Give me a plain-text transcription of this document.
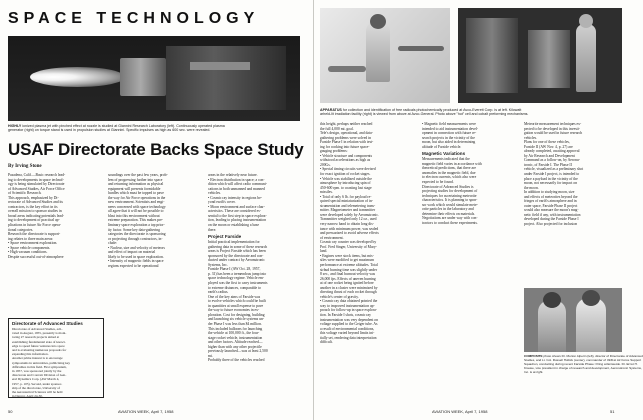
SPACE TECHNOLOGY
HIGHLY ionized plasma jet with pinched effect at nozzle is studied at Giannini Research Laboratory (left). Continuously operated plasma
generator (right) on torque stand is used in propulsion studies at Giannini. Specific impulses as high as 600 sec. were revealed.
USAF Directorate Backs Space Study
By Irving Stone

Pasadena, Calif.—Basic research lead-

ing to developments in space technol-

ogy is being stimulated by Directorate

of Advanced Studies, Air Force Office

of Scientific Research.

This approach, emphasized by Di-

rectorate of Advanced Studies and its

contractors, is the key effort in its

overall mission to sponsor studies in

broad areas indicating potentials lead-

ing to development of practical ap-

plications in future Air Force opera-

tional categories.

Research the directorate is support-

ing relates to three main areas:

• Space environment exploration.

• Space vehicle components.

• High vacuum conditions.

Despite successful out-of-atmosphere

soundings over the past few years, prob-

lem of progressing further into space

and returning information as physical

equipment will presents formidable

hurdles which must be topped to pave

the way for Air Force operations in the

new environment. Scientists and engi-

neers concerned with space technology

all agree that it will not be possible to

blast into this environment without

extreme preparation. This makes pre-

liminary space exploration a top prior-

ity factor. Some key data-gathering

categories the directorate is sponsoring

or projecting through contractors, in-

clude:

• Nuclear, size and velocity of meteors

and effect of impact on material

likely to be used in space exploration.

• Intensity of magnetic fields in space

regions expected to be operational

areas in the relatively near future.

• Electron distribution in space; a con-

dition which will affect radio communi-

cations in both unmanned and manned

vehicles.

• Cosmic ray intensity in regions be-

yond earth's cover.

• Moon environment and surface char-

acteristics. These are considered es-

sential to the first step in space explora-

tion, leading to placing instrumentation

on the moon or establishing a base

there.

Project Farside

Initial practical implementation for

gathering data in some of these research

areas is Project Farside which has been

sponsored by the directorate and con-

ducted under contract by Aeronutronic

Systems, Inc.

Farside Phase I (AW Oct. 28, 1957,

p. 31) has been a tremendous jump into

space technology regime. Vehicle em-

ployed was the first to carry instruments

to extreme distances, comparable to

earth's radius.

One of the key aims of Farside was

to evolve vehicles which could be built

in quantities at small expense to pave

the way to future economies in ex-

ploration. Cost for designing, building

and launching six vehicle systems un-

der Phase I was less than $4 million.

This included balloons for launching

the vehicle at 100,000 ft., the four-

stage rocket vehicle, instrumentation

and other factors. Altitude reached—

higher than with any other projectile

previously launched—was at least 2,500

mi.

Probably three of the vehicles reached

Directorate of Advanced Studies

Directorate of Advanced Studies, acti-

vated in August, 1955, presently is moni-

toring 27 research projects aimed at

establishing fundamental state of knowl-

edge to speed future ventures into space

and is evaluating numerous proposals for

expanding this information.

Another prime interest is to encourage

symposiums in universities, publicizing key

difficulties in this field. First symposium,

in 1957, was sponsored jointly by the

directorate and Convair Division of Gen-

eral Dynamics Corp. (AW March 4,

1957, p. 105). Second, under sponsor-

ship of the directorate, University of

the Aeronautical Sciences will be held

in Denver, April 24-30.

50	AVIATION WEEK, April 7, 1958
APPARATUS for collection and identification of free radicals photochemically produced at Avco-Everett Corp. is at left. Kilowatt
arheld-lit irradiation facility (right) is viewed from above at Avco-General. Photo above "hot" cell and cobalt preforming mechanisms.

this height, perhaps neither reached

the full 4,000 mi. goal.

Tele's design, operational, and data-

gathering problems were solved in

Farside Phase I in relation with test-

ing for cooking into future space-

gauging problems:

• Vehicle structure and components

withstood accelerations as high as

200Gs.

• Special timing circuits were devised

for exact ignition of rocket stages.

• Vehicle was stabilized outside the

atmosphere by introducing spin of

450-600 rpm. to coasting last stage

missiles.

• Total of only 6 lb. for payload re-

quired special miniaturization of in-

strumentation and telemetering trans-

mitter. Magnetometer and transmitter

were developed solely by Aeronutronic.

Transmitter weighed only 12 oz., used

very narrow band to obtain long dis-

tance with minimum power, was sealed

and pressurized to avoid adverse effects

of environment.

Cosmic ray counter was developed by

Prof. Fred Singer, University of Mary-

land.

• Engines were stock items, but mis-

siles were modified to get maximum

performance at extreme altitudes. Total

sirbud burning time was slightly under

8 sec., and final burnout velocity was

26,000 fps. Effects of uneven burning

at of one rocket being ignited before

another in a cluster were minimized by

directing thrust of each rocket through

vehicle's center of gravity.

• Cosmic ray data obtained pointed the

way to improved instrumentation ap-

proach for follow-up in space explora-

tion. In Farside I shots, cosmic ray

instrumentation was very dependent on

voltage supplied to the Geiger tube. As

a result of environmental conditions,

this voltage varied beyond limits ini-

tially set, rendering data interpretation

difficult.

• Magnetic field measurements were

intended to aid instrumentation devel-

opment in connection with future re-

search projects in the vicinity of the

moon, but also aided in determining

altitude of Farside vehicle.

Magnetic Variations

Measurements indicated that the

magnetic field varies in accordance with

theoretical predictions, that there are

anomalies in the magnetic field, due

to electron currents, which also were

expected to be found.

Directorate of Advanced Studies is

projecting studies for development of

techniques for ascertaining meteorite

characteristics. It is planning to spon-

sor work which would simulate mete-

orite particles in the laboratory and

determine their effects on materials.

Negotiations are under way with con-

tractors to conduct these experiments.

Meteorite measurement techniques ex-

pected to be developed in this investi-

gation would be used in future research

vehicles.

Plans for one of these vehicles,

Farside II (AW Nov. 4, p. 27) are

already completed, awaiting approval

by Air Research and Development

Command as a follow-on, by Aeronu-

tronic, of Farside I. The Phase II

vehicle, visualized as a preliminary shot

under Farside I project, is intended to

place a payload in the vicinity of the

moon, not necessarily for impact on

the moon.

In addition to studying moon, size

and effects of meteorites beyond the

fringes of earth's atmosphere and in

outer space, Farside Phase II project

would also measure the moon's mag-

netic field if any, with instrumentation

developed during the Farside Phase I

project. Also projected for inclusion

COMPOSITE photo shows Dr. Morton Alperin (left), director of Directorate of Advanced
Studies, and Lt. Col. Russell Holtick (center), commander of 4931st Air Force Support
Squadron, conducting during recent Farside Phase I firing at Eniwetok. Dr. Ernst H.
Krause, vice president in charge of research and development, Aeronutronic Systems,
Inc. is at right.
AVIATION WEEK, April 7, 1958	51
